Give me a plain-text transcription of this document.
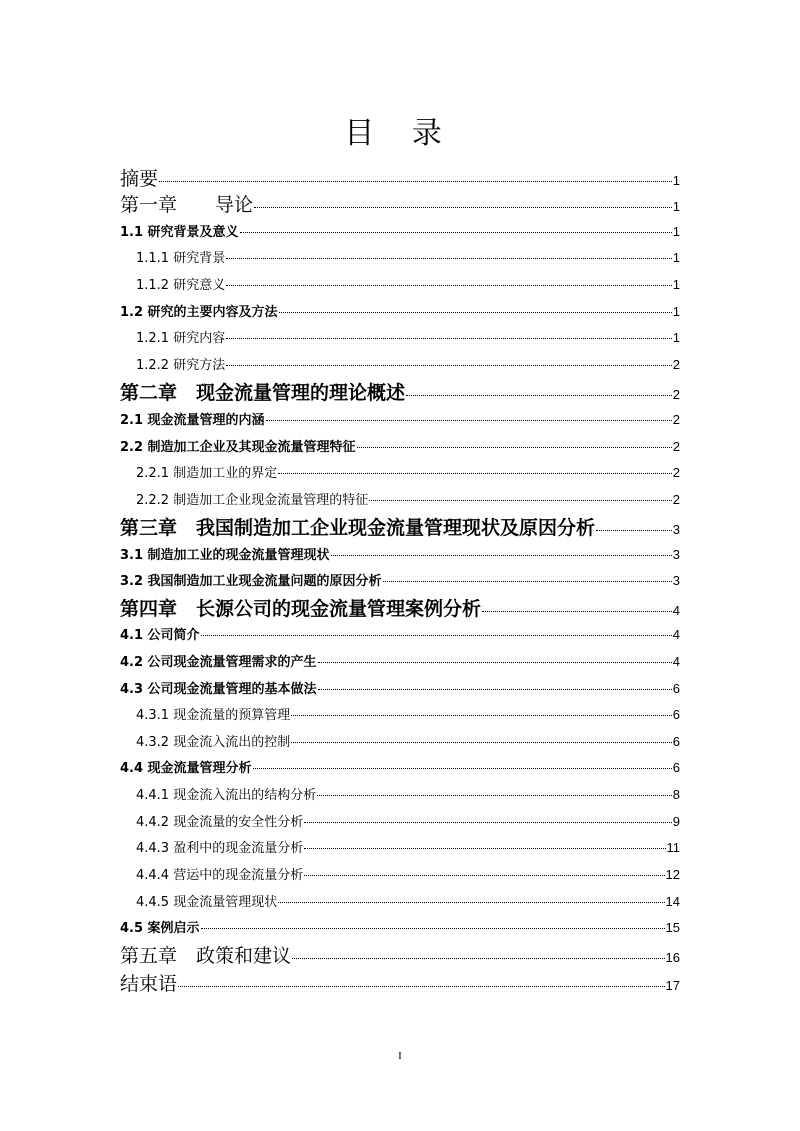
目 录
摘要	1
第一章　　导论	1
1.1 研究背景及意义	1
1.1.1 研究背景	1
1.1.2 研究意义	1
1.2 研究的主要内容及方法	1
1.2.1 研究内容	1
1.2.2 研究方法	2
第二章　现金流量管理的理论概述	2
2.1 现金流量管理的内涵	2
2.2 制造加工企业及其现金流量管理特征	2
2.2.1 制造加工业的界定	2
2.2.2 制造加工企业现金流量管理的特征	2
第三章　我国制造加工企业现金流量管理现状及原因分析	3
3.1 制造加工业的现金流量管理现状	3
3.2 我国制造加工业现金流量问题的原因分析	3
第四章　长源公司的现金流量管理案例分析	4
4.1 公司简介	4
4.2 公司现金流量管理需求的产生	4
4.3 公司现金流量管理的基本做法	6
4.3.1 现金流量的预算管理	6
4.3.2 现金流入流出的控制	6
4.4 现金流量管理分析	6
4.4.1 现金流入流出的结构分析	8
4.4.2 现金流量的安全性分析	9
4.4.3 盈利中的现金流量分析	11
4.4.4 营运中的现金流量分析	12
4.4.5 现金流量管理现状	14
4.5 案例启示	15
第五章　政策和建议	16
结束语	17
I
